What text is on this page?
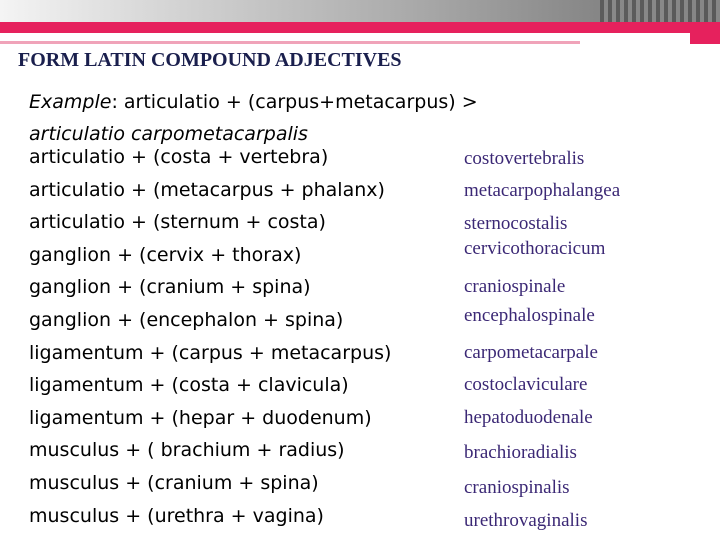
FORM LATIN COMPOUND ADJECTIVES
Example: articulatio + (carpus+metacarpus) >
articulatio carpometacarpalis
articulatio + (costa + vertebra)	costovertebralis
articulatio + (metacarpus + phalanx)	metacarpophalangea
articulatio + (sternum + costa)	sternocostalis
ganglion + (cervix + thorax)	cervicothoracicum
ganglion + (cranium + spina)	craniospinale
ganglion + (encephalon + spina)	encephalospinale
ligamentum + (carpus + metacarpus)	carpometacarpale
ligamentum + (costa + clavicula)	costoclaviculare
ligamentum + (hepar + duodenum)	hepatoduodenale
musculus + ( brachium + radius)	brachioradialis
musculus + (cranium + spina)	craniospinalis
musculus + (urethra + vagina)	urethrovaginalis
